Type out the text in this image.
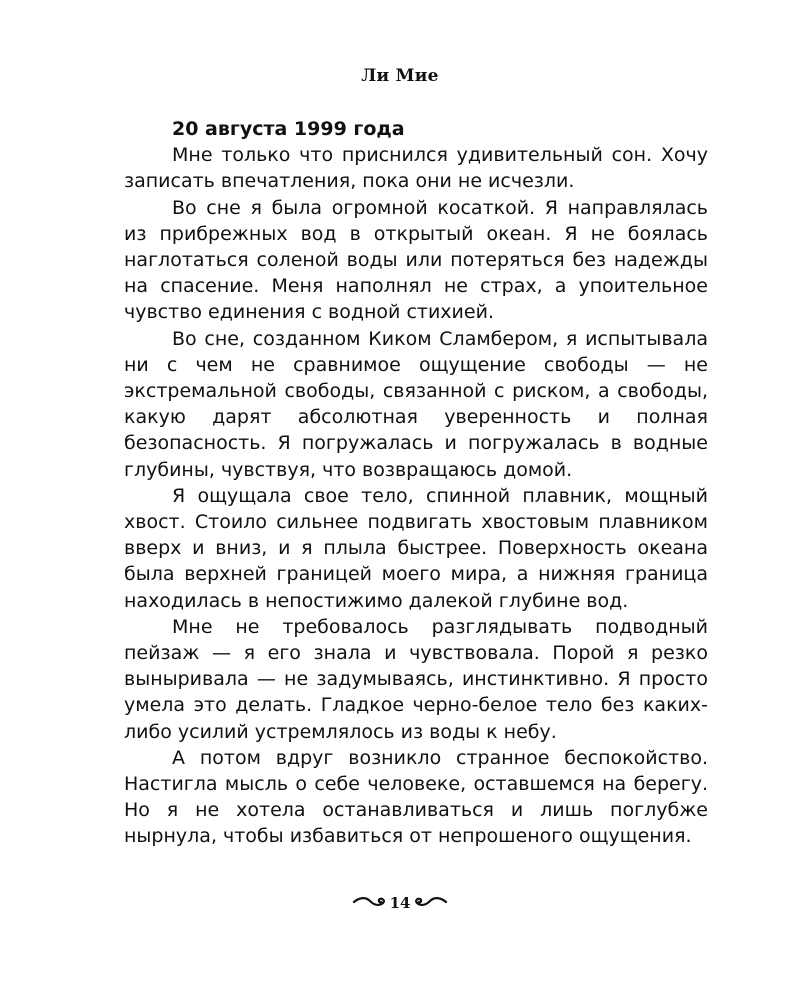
Ли Мие

20 августа 1999 года

Мне только что приснился удивительный сон. Хочу записать впечатления, пока они не исчезли.

Во сне я была огромной косаткой. Я направлялась из прибрежных вод в открытый океан. Я не боялась наглотаться соленой воды или потеряться без надежды на спасение. Меня наполнял не страх, а упоительное чувство единения с водной стихией.

Во сне, созданном Киком Сламбером, я испытывала ни с чем не сравнимое ощущение свободы — не экстремальной свободы, связанной с риском, а свободы, какую дарят абсолютная уверенность и полная безопасность. Я погружалась и погружалась в водные глубины, чувствуя, что возвращаюсь домой.

Я ощущала свое тело, спинной плавник, мощный хвост. Стоило сильнее подвигать хвостовым плавником вверх и вниз, и я плыла быстрее. Поверхность океана была верхней границей моего мира, а нижняя граница находилась в непостижимо далекой глубине вод.

Мне не требовалось разглядывать подводный пейзаж — я его знала и чувствовала. Порой я резко выныривала — не задумываясь, инстинктивно. Я просто умела это делать. Гладкое черно-белое тело без каких-либо усилий устремлялось из воды к небу.

А потом вдруг возникло странное беспокойство. Настигла мысль о себе человеке, оставшемся на берегу. Но я не хотела останавливаться и лишь поглубже нырнула, чтобы избавиться от непрошеного ощущения.

14
